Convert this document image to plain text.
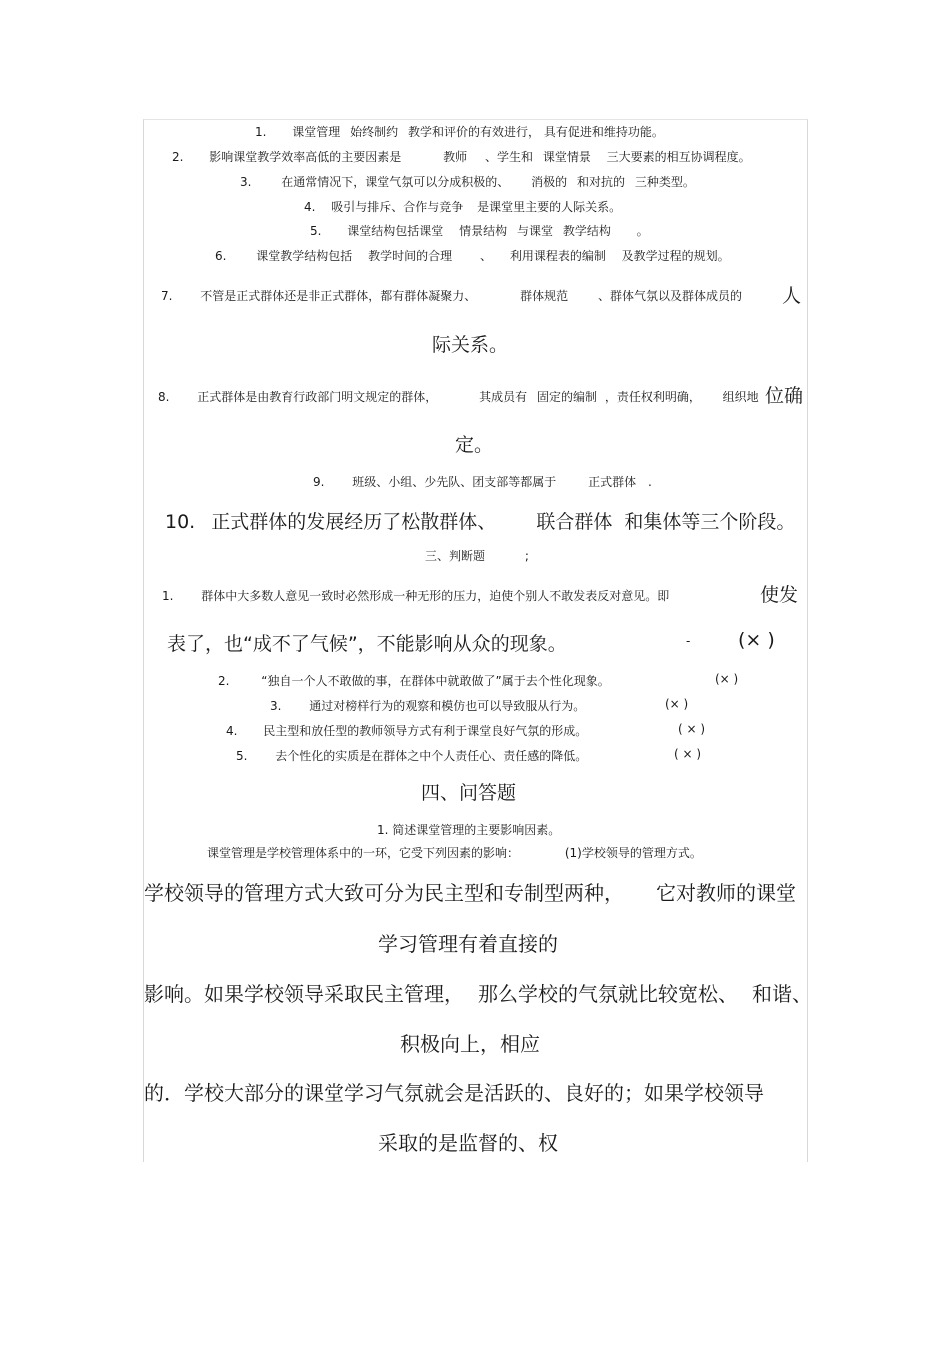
1. 课堂管理 始终制约 教学和评价的有效进行， 具有促进和维持功能。
2. 影响课堂教学效率高低的主要因素是	教师 、学生和 课堂情景 三大要素的相互协调程度。
3. 在通常情况下，课堂气氛可以分成积极的、 消极的 和对抗的 三种类型。
4. 吸引与排斥、合作与竞争 是课堂里主要的人际关系。
5. 课堂结构包括课堂 情景结构 与课堂 教学结构 。
6. 课堂教学结构包括 教学时间的合理 、 利用课程表的编制 及教学过程的规划。
7. 不管是正式群体还是非正式群体，都有群体凝聚力、	群体规范 、群体气氛以及群体成员的 人
际关系。
8. 正式群体是由教育行政部门明文规定的群体，	其成员有 固定的编制 ，责任权利明确， 组织地 位确
定。
9. 班级、小组、少先队、团支部等都属于	正式群体 .
10. 正式群体的发展经历了松散群体、 联合群体 和集体等三个阶段。
三、判断题	;
1. 群体中大多数人意见一致时必然形成一种无形的压力，迫使个别人不敢发表反对意见。即	使发
表了，也“成不了气候”，不能影响从众的现象。	-	(× )
2.	“独自一个人不敢做的事，在群体中就敢做了”属于去个性化现象。	(× )
3. 通过对榜样行为的观察和模仿也可以导致服从行为。	(× )
4. 民主型和放任型的教师领导方式有利于课堂良好气氛的形成。	( × )
5. 去个性化的实质是在群体之中个人责任心、责任感的降低。	( × )
四、问答题
1. 简述课堂管理的主要影响因素。
课堂管理是学校管理体系中的一环，它受下列因素的影响：	(1)学校领导的管理方式。
学校领导的管理方式大致可分为民主型和专制型两种， 它对教师的课堂
学习管理有着直接的
影响。如果学校领导采取民主管理， 那么学校的气氛就比较宽松、 和谐、
积极向上，相应
的．学校大部分的课堂学习气氛就会是活跃的、良好的；如果学校领导
采取的是监督的、权
